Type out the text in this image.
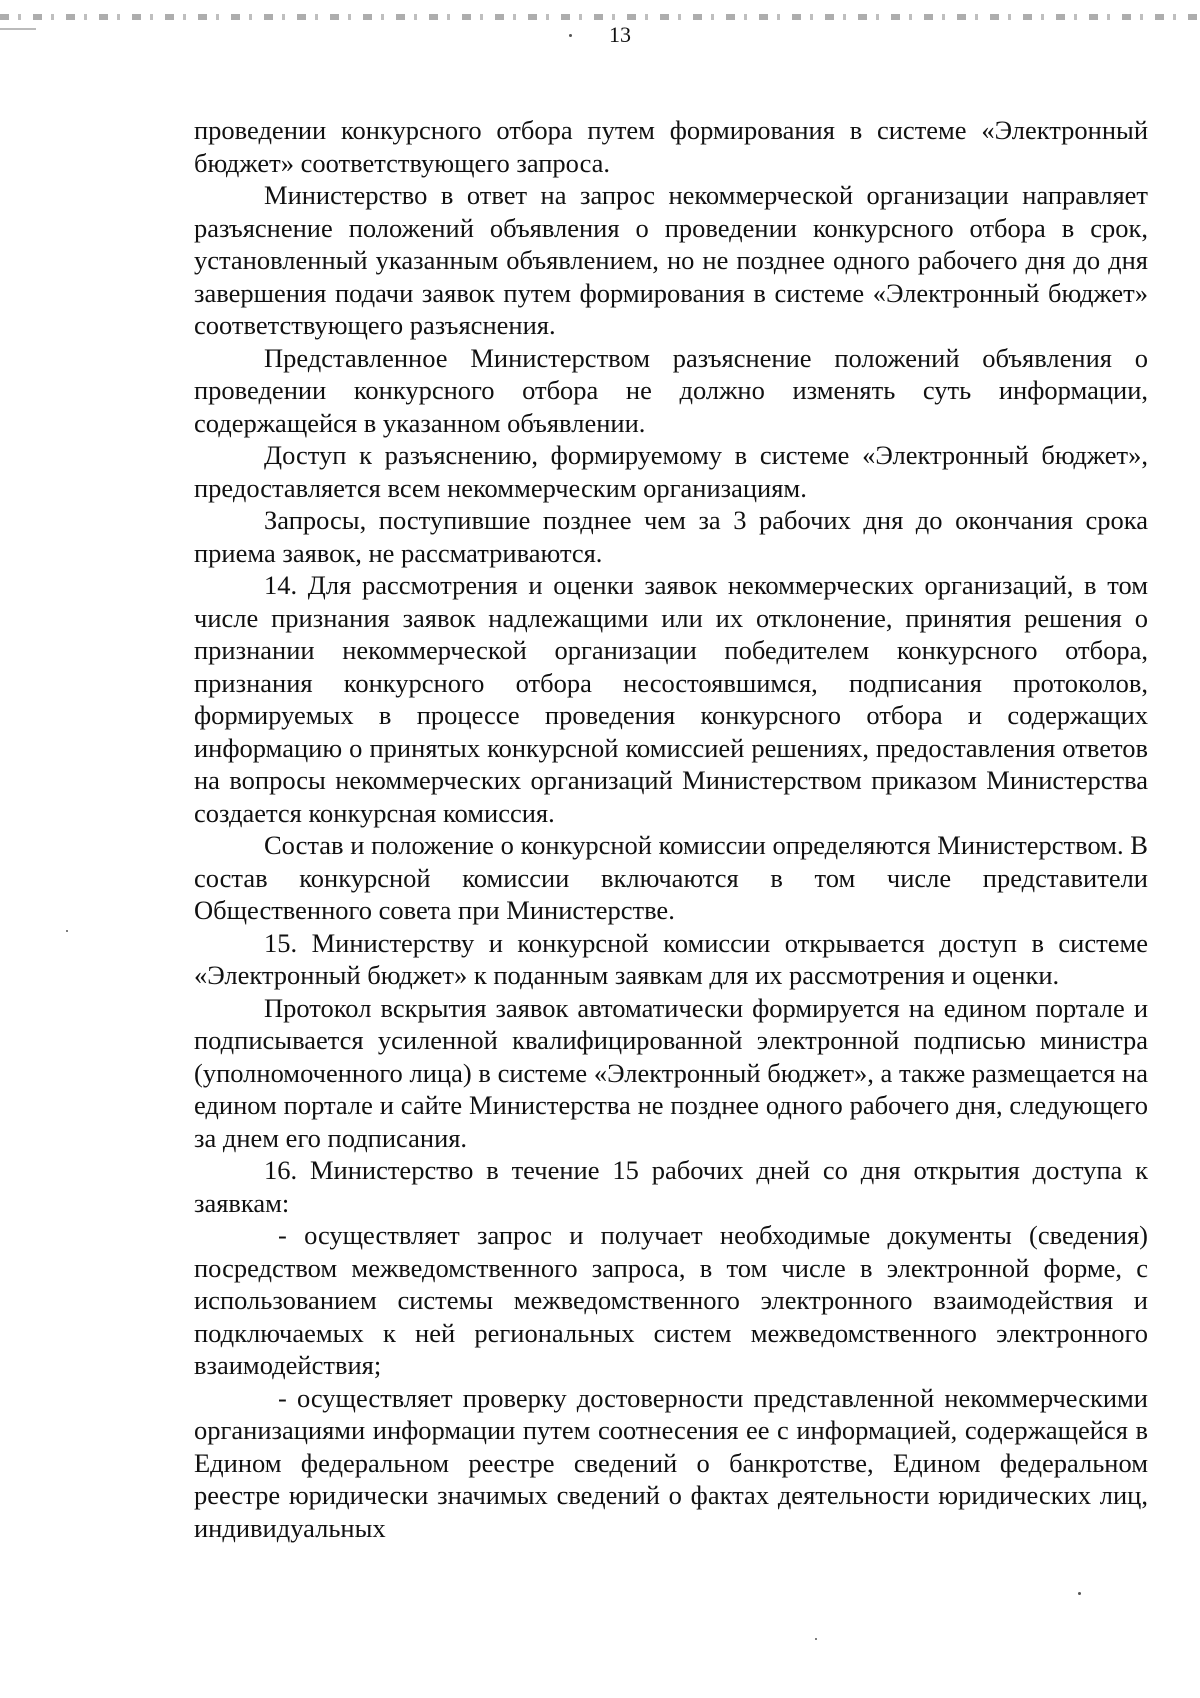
13

проведении конкурсного отбора путем формирования в системе «Электронный бюджет» соответствующего запроса.

Министерство в ответ на запрос некоммерческой организации направляет разъяснение положений объявления о проведении конкурсного отбора в срок, установленный указанным объявлением, но не позднее одного рабочего дня до дня завершения подачи заявок путем формирования в системе «Электронный бюджет» соответствующего разъяснения.

Представленное Министерством разъяснение положений объявления о проведении конкурсного отбора не должно изменять суть информации, содержащейся в указанном объявлении.

Доступ к разъяснению, формируемому в системе «Электронный бюджет», предоставляется всем некоммерческим организациям.

Запросы, поступившие позднее чем за 3 рабочих дня до окончания срока приема заявок, не рассматриваются.

14. Для рассмотрения и оценки заявок некоммерческих организаций, в том числе признания заявок надлежащими или их отклонение, принятия решения о признании некоммерческой организации победителем конкурсного отбора, признания конкурсного отбора несостоявшимся, подписания протоколов, формируемых в процессе проведения конкурсного отбора и содержащих информацию о принятых конкурсной комиссией решениях, предоставления ответов на вопросы некоммерческих организаций Министерством приказом Министерства создается конкурсная комиссия.

Состав и положение о конкурсной комиссии определяются Министерством. В состав конкурсной комиссии включаются в том числе представители Общественного совета при Министерстве.

15. Министерству и конкурсной комиссии открывается доступ в системе «Электронный бюджет» к поданным заявкам для их рассмотрения и оценки.

Протокол вскрытия заявок автоматически формируется на едином портале и подписывается усиленной квалифицированной электронной подписью министра (уполномоченного лица) в системе «Электронный бюджет», а также размещается на едином портале и сайте Министерства не позднее одного рабочего дня, следующего за днем его подписания.

16. Министерство в течение 15 рабочих дней со дня открытия доступа к заявкам:

- осуществляет запрос и получает необходимые документы (сведения) посредством межведомственного запроса, в том числе в электронной форме, с использованием системы межведомственного электронного взаимодействия и подключаемых к ней региональных систем межведомственного электронного взаимодействия;

- осуществляет проверку достоверности представленной некоммерческими организациями информации путем соотнесения ее с информацией, содержащейся в Едином федеральном реестре сведений о банкротстве, Едином федеральном реестре юридически значимых сведений о фактах деятельности юридических лиц, индивидуальных
